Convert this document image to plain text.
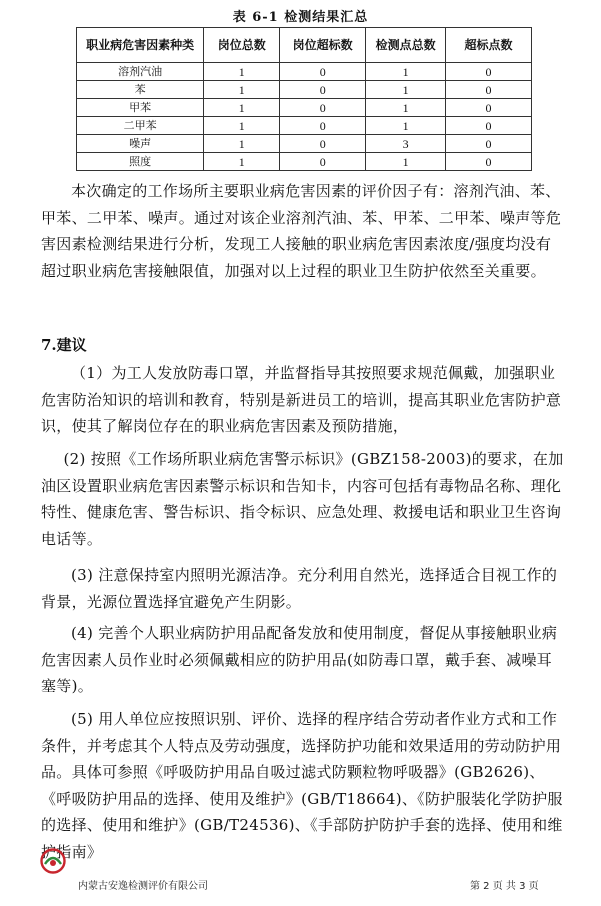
表 6-1 检测结果汇总
职业病危害因素种类	岗位总数	岗位超标数	检测点总数	超标点数
溶剂汽油	1	0	1	0
苯	1	0	1	0
甲苯	1	0	1	0
二甲苯	1	0	1	0
噪声	1	0	3	0
照度	1	0	1	0

本次确定的工作场所主要职业病危害因素的评价因子有：溶剂汽油、苯、甲苯、二甲苯、噪声。通过对该企业溶剂汽油、苯、甲苯、二甲苯、噪声等危害因素检测结果进行分析，发现工人接触的职业病危害因素浓度/强度均没有超过职业病危害接触限值，加强对以上过程的职业卫生防护依然至关重要。

7.建议

（1）为工人发放防毒口罩，并监督指导其按照要求规范佩戴，加强职业危害防治知识的培训和教育，特别是新进员工的培训，提高其职业危害防护意识，使其了解岗位存在的职业病危害因素及预防措施，

(2) 按照《工作场所职业病危害警示标识》(GBZ158-2003)的要求，在加油区设置职业病危害因素警示标识和告知卡，内容可包括有毒物品名称、理化特性、健康危害、警告标识、指令标识、应急处理、救援电话和职业卫生咨询电话等。

(3) 注意保持室内照明光源洁净。充分利用自然光，选择适合目视工作的背景，光源位置选择宜避免产生阴影。

(4) 完善个人职业病防护用品配备发放和使用制度，督促从事接触职业病危害因素人员作业时必须佩戴相应的防护用品(如防毒口罩，戴手套、减噪耳塞等)。

(5) 用人单位应按照识别、评价、选择的程序结合劳动者作业方式和工作条件，并考虑其个人特点及劳动强度，选择防护功能和效果适用的劳动防护用品。具体可参照《呼吸防护用品自吸过滤式防颗粒物呼吸器》(GB2626)、《呼吸防护用品的选择、使用及维护》(GB/T18664)、《防护服装化学防护服的选择、使用和维护》(GB/T24536)、《手部防护防护手套的选择、使用和维护指南》

内蒙古安逸检测评价有限公司	第 2 页 共 3 页
